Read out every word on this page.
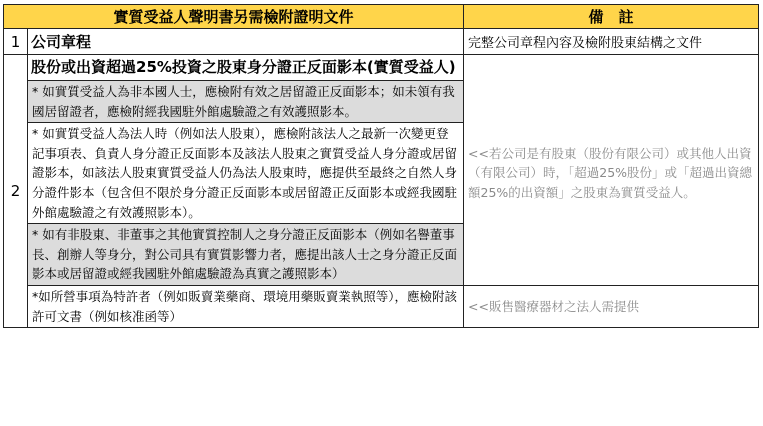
實質受益人聲明書另需檢附證明文件		備　註
1	公司章程	完整公司章程內容及檢附股東結構之文件
2	股份或出資超過25%投資之股東身分證正反面影本(實質受益人)	<<若公司是有股東（股份有限公司）或其他人出資（有限公司）時，「超過25%股份」或「超過出資總額25%的出資額」之股東為實質受益人。
	* 如實質受益人為非本國人士，應檢附有效之居留證正反面影本；如未領有我國居留證者，應檢附經我國駐外館處驗證之有效護照影本。	
	* 如實質受益人為法人時（例如法人股東），應檢附該法人之最新一次變更登記事項表、負責人身分證正反面影本及該法人股東之實質受益人身分證或居留證影本，如該法人股東實質受益人仍為法人股東時，應提供至最終之自然人身分證件影本（包含但不限於身分證正反面影本或居留證正反面影本或經我國駐外館處驗證之有效護照影本）。	
	* 如有非股東、非董事之其他實質控制人之身分證正反面影本（例如名譽董事長、創辦人等身分，對公司具有實質影響力者，應提出該人士之身分證正反面影本或居留證或經我國駐外館處驗證為真實之護照影本）	
	*如所營事項為特許者（例如販賣業藥商、環境用藥販賣業執照等），應檢附該許可文書（例如核准函等）	<<販售醫療器材之法人需提供
